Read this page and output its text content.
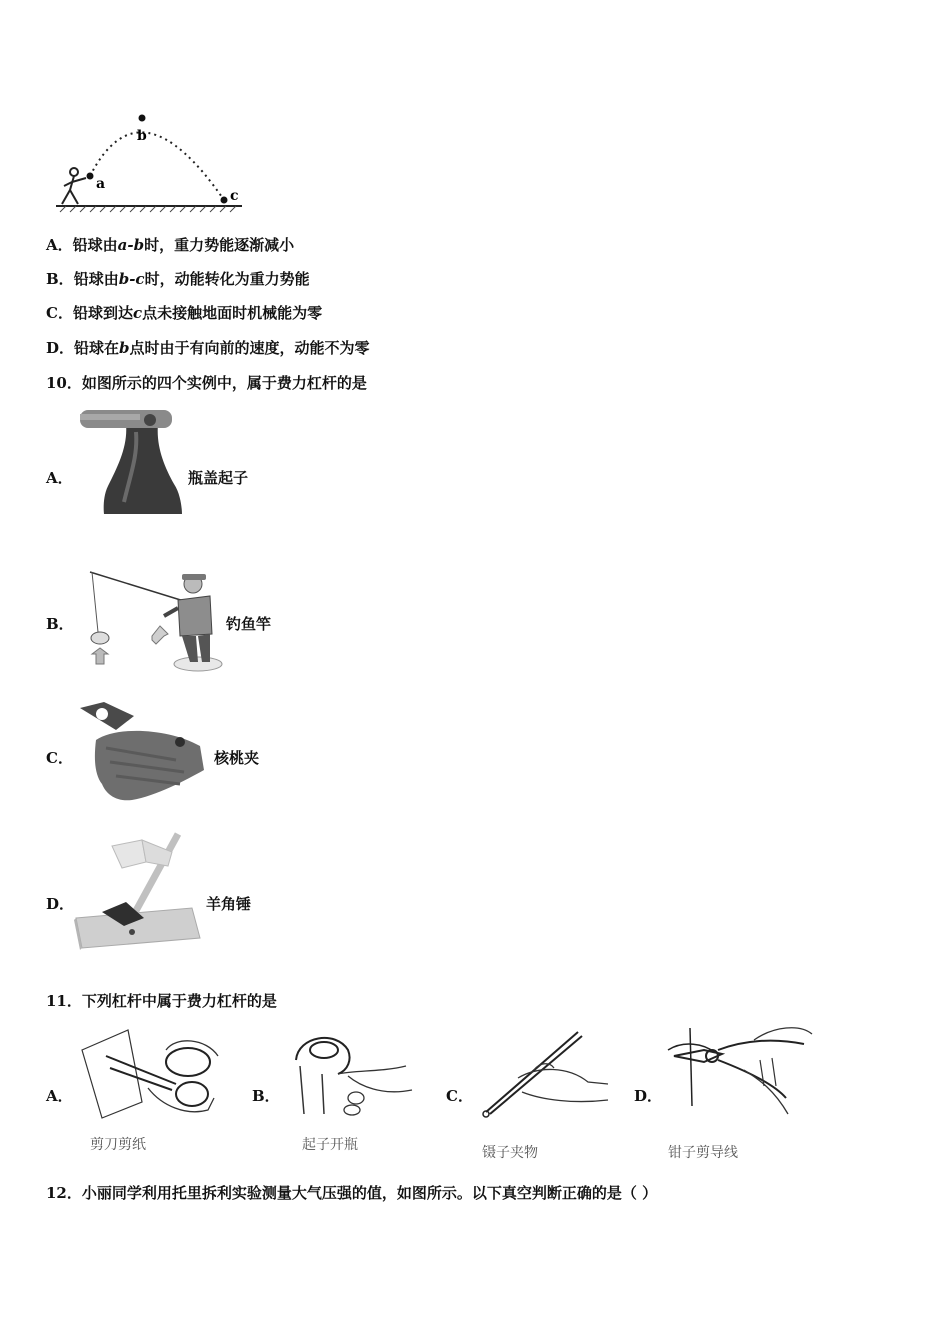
a
b
c
A．铅球由a-b时，重力势能逐渐减小
B．铅球由b-c时，动能转化为重力势能
C．铅球到达c点未接触地面时机械能为零
D．铅球在b点时由于有向前的速度，动能不为零
10．如图所示的四个实例中，属于费力杠杆的是
A．	瓶盖起子
B．	钓鱼竿
C．	核桃夹
D．	羊角锤
11．下列杠杆中属于费力杠杆的是
A．
剪刀剪纸
B．
起子开瓶
C．
镊子夹物
D．
钳子剪导线
12．小丽同学利用托里拆利实验测量大气压强的值，如图所示。以下真空判断正确的是（ ）
